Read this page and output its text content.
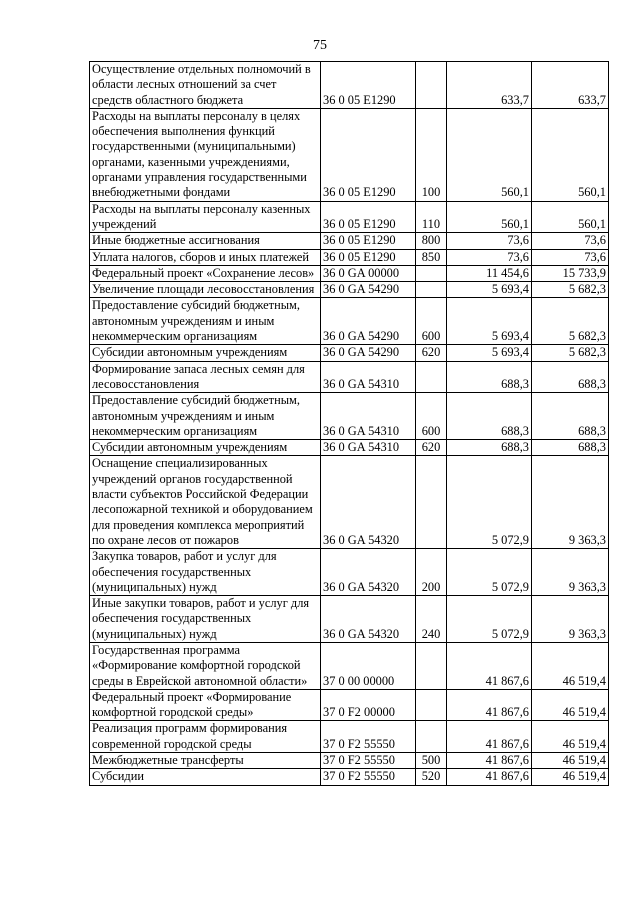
75
Осуществление отдельных полномочий в области лесных отношений за счет средств областного бюджета	36 0 05 E1290		633,7	633,7
Расходы на выплаты персоналу в целях обеспечения выполнения функций государственными (муниципальными) органами, казенными учреждениями, органами управления государственными внебюджетными фондами	36 0 05 E1290	100	560,1	560,1
Расходы на выплаты персоналу казенных учреждений	36 0 05 E1290	110	560,1	560,1
Иные бюджетные ассигнования	36 0 05 E1290	800	73,6	73,6
Уплата налогов, сборов и иных платежей	36 0 05 E1290	850	73,6	73,6
Федеральный проект «Сохранение лесов»	36 0 GA 00000		11 454,6	15 733,9
Увеличение площади лесовосстановления	36 0 GA 54290		5 693,4	5 682,3
Предоставление субсидий бюджетным, автономным учреждениям и иным некоммерческим организациям	36 0 GA 54290	600	5 693,4	5 682,3
Субсидии автономным учреждениям	36 0 GA 54290	620	5 693,4	5 682,3
Формирование запаса лесных семян для лесовосстановления	36 0 GA 54310		688,3	688,3
Предоставление субсидий бюджетным, автономным учреждениям и иным некоммерческим организациям	36 0 GA 54310	600	688,3	688,3
Субсидии автономным учреждениям	36 0 GA 54310	620	688,3	688,3
Оснащение специализированных учреждений органов государственной власти субъектов Российской Федерации лесопожарной техникой и оборудованием для проведения комплекса мероприятий по охране лесов от пожаров	36 0 GA 54320		5 072,9	9 363,3
Закупка товаров, работ и услуг для обеспечения государственных (муниципальных) нужд	36 0 GA 54320	200	5 072,9	9 363,3
Иные закупки товаров, работ и услуг для обеспечения государственных (муниципальных) нужд	36 0 GA 54320	240	5 072,9	9 363,3
Государственная программа «Формирование комфортной городской среды в Еврейской автономной области»	37 0 00 00000		41 867,6	46 519,4
Федеральный проект «Формирование комфортной городской среды»	37 0 F2 00000		41 867,6	46 519,4
Реализация программ формирования современной городской среды	37 0 F2 55550		41 867,6	46 519,4
Межбюджетные трансферты	37 0 F2 55550	500	41 867,6	46 519,4
Субсидии	37 0 F2 55550	520	41 867,6	46 519,4
